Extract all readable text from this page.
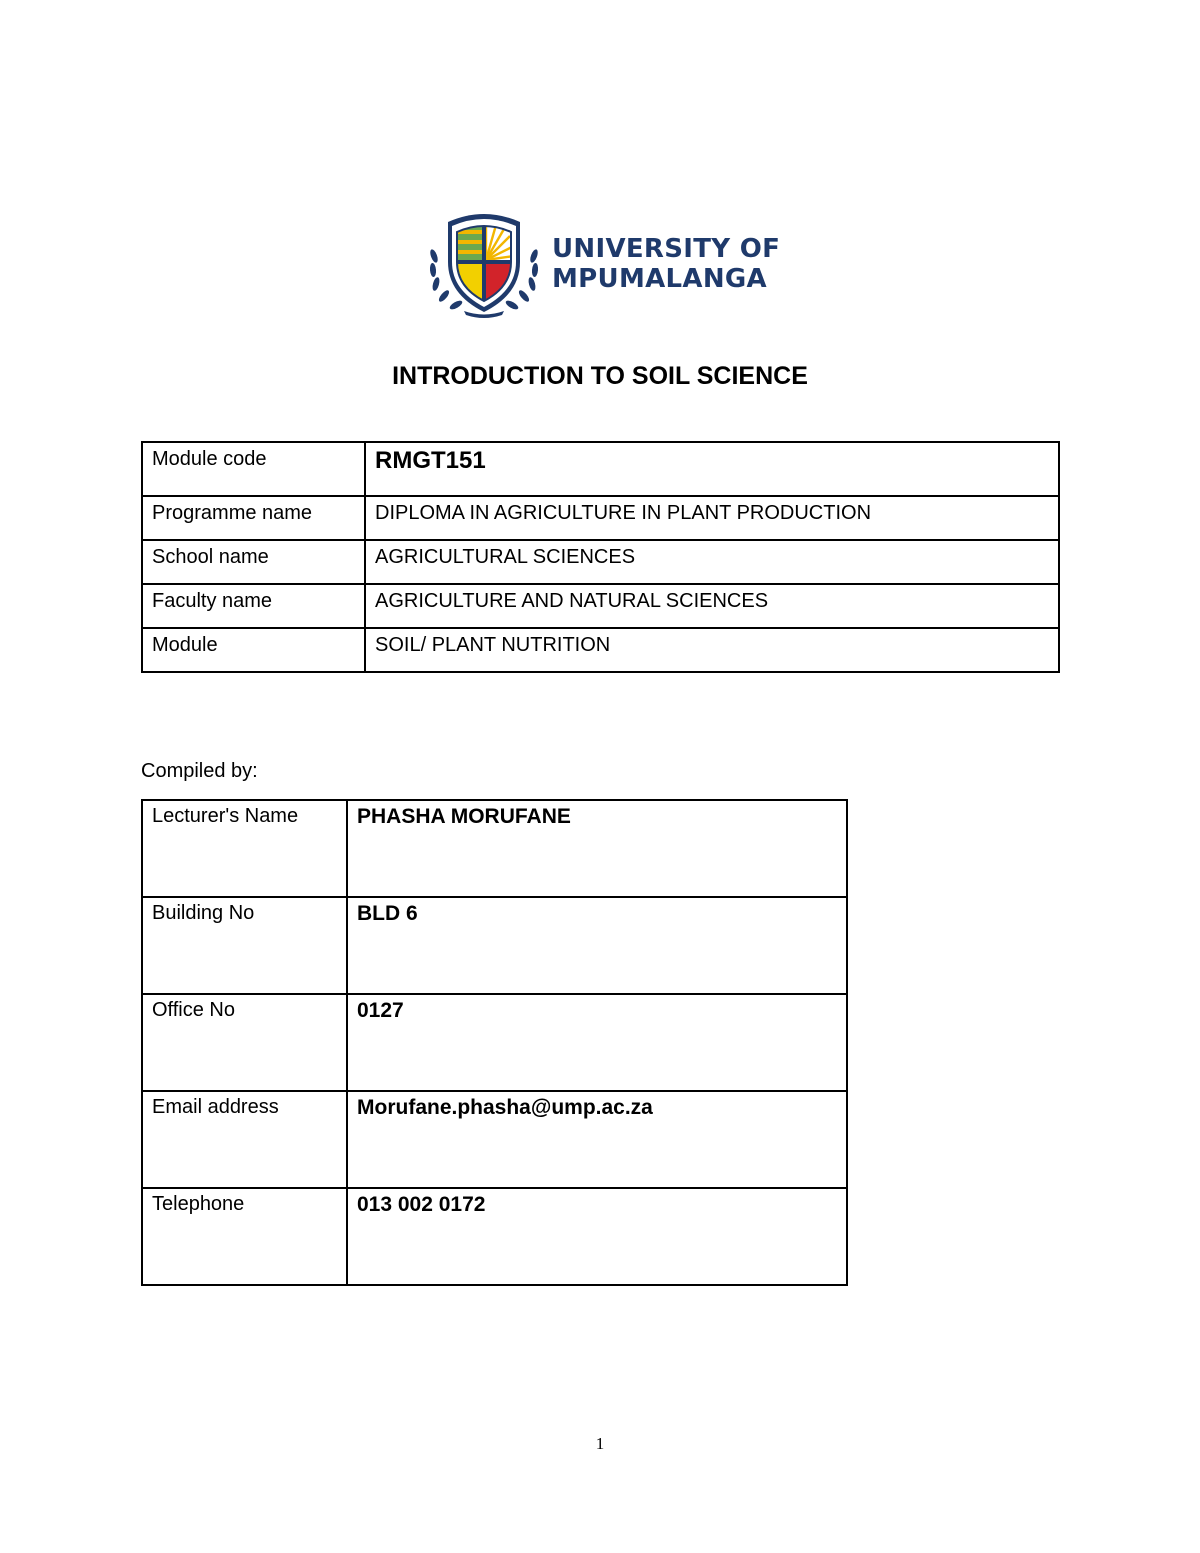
UNIVERSITY OF
MPUMALANGA
INTRODUCTION TO SOIL SCIENCE
Module code	RMGT151
Programme name	DIPLOMA IN AGRICULTURE IN PLANT PRODUCTION
School name	AGRICULTURAL SCIENCES
Faculty name	AGRICULTURE AND NATURAL SCIENCES
Module	SOIL/ PLANT NUTRITION
Compiled by:
Lecturer's Name	PHASHA MORUFANE
Building No	BLD 6
Office No	0127
Email address	Morufane.phasha@ump.ac.za
Telephone	013 002 0172
1
